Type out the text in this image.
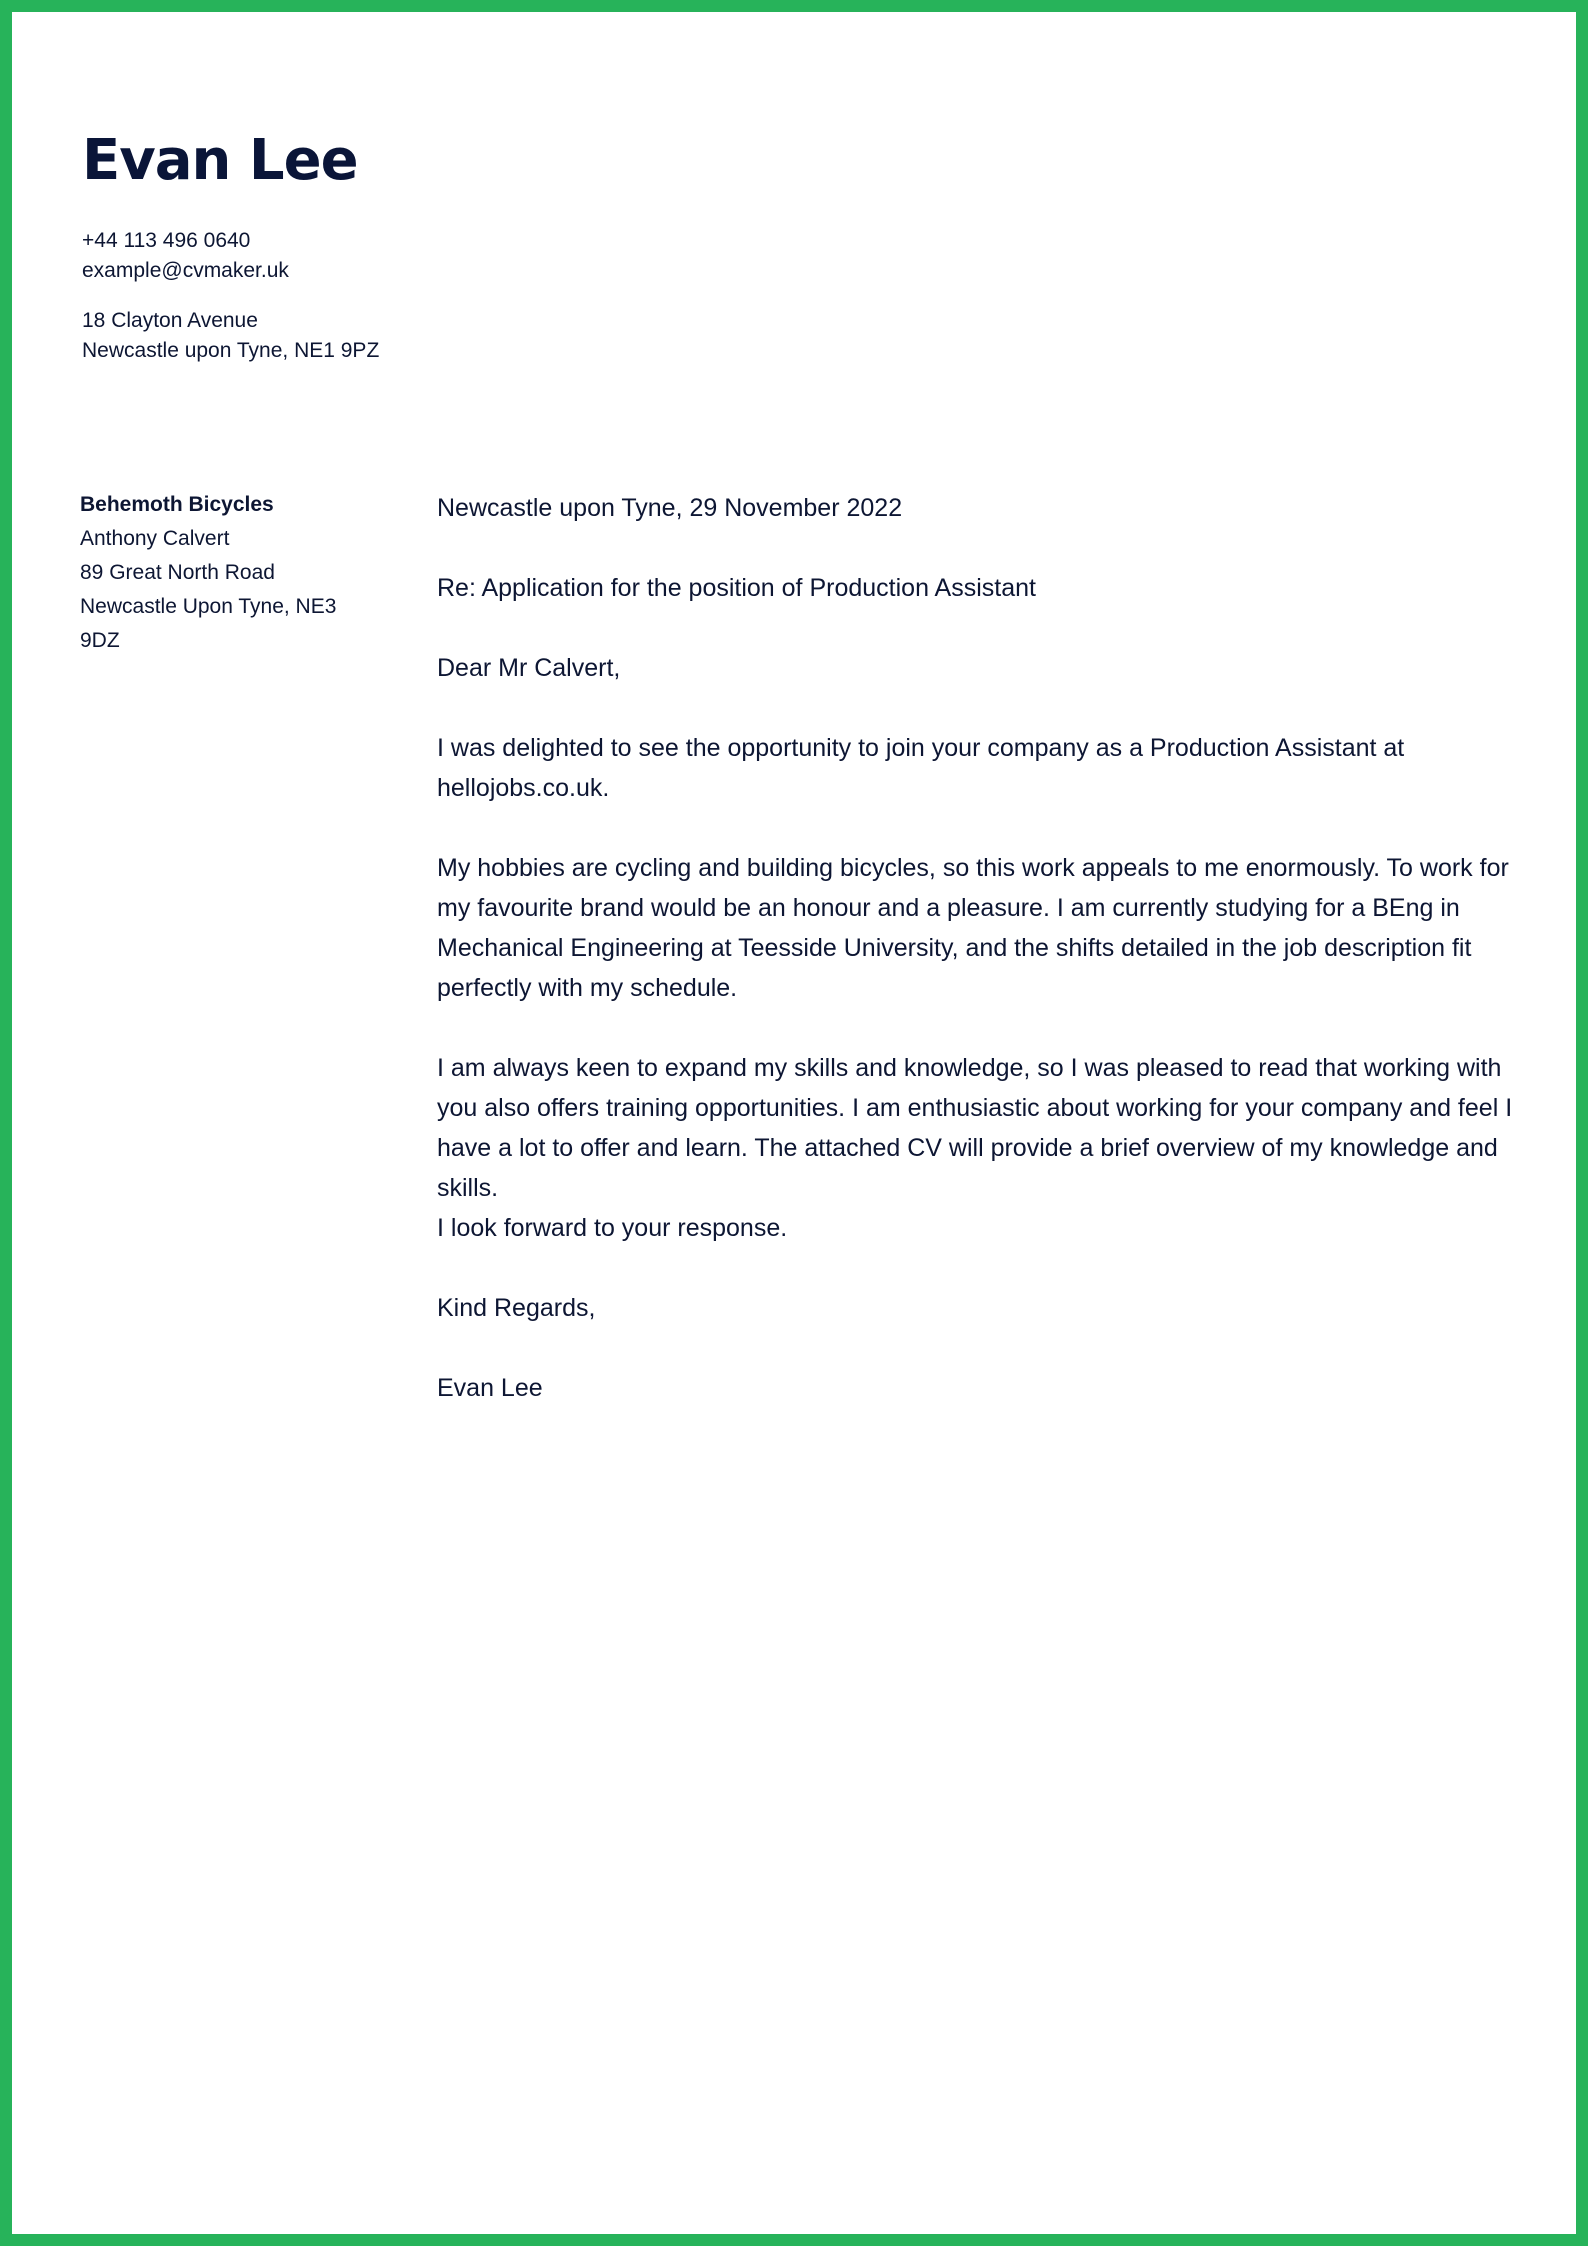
Evan Lee
+44 113 496 0640
example@cvmaker.uk
18 Clayton Avenue
Newcastle upon Tyne, NE1 9PZ
Behemoth Bicycles
Anthony Calvert
89 Great North Road
Newcastle Upon Tyne, NE3
9DZ

Newcastle upon Tyne, 29 November 2022

Re: Application for the position of Production Assistant

Dear Mr Calvert,

I was delighted to see the opportunity to join your company as a Production Assistant at hellojobs.co.uk.

My hobbies are cycling and building bicycles, so this work appeals to me enormously. To work for my favourite brand would be an honour and a pleasure. I am currently studying for a BEng in Mechanical Engineering at Teesside University, and the shifts detailed in the job description fit perfectly with my schedule.

I am always keen to expand my skills and knowledge, so I was pleased to read that working with you also offers training opportunities. I am enthusiastic about working for your company and feel I have a lot to offer and learn. The attached CV will provide a brief overview of my knowledge and skills.

I look forward to your response.

Kind Regards,

Evan Lee
